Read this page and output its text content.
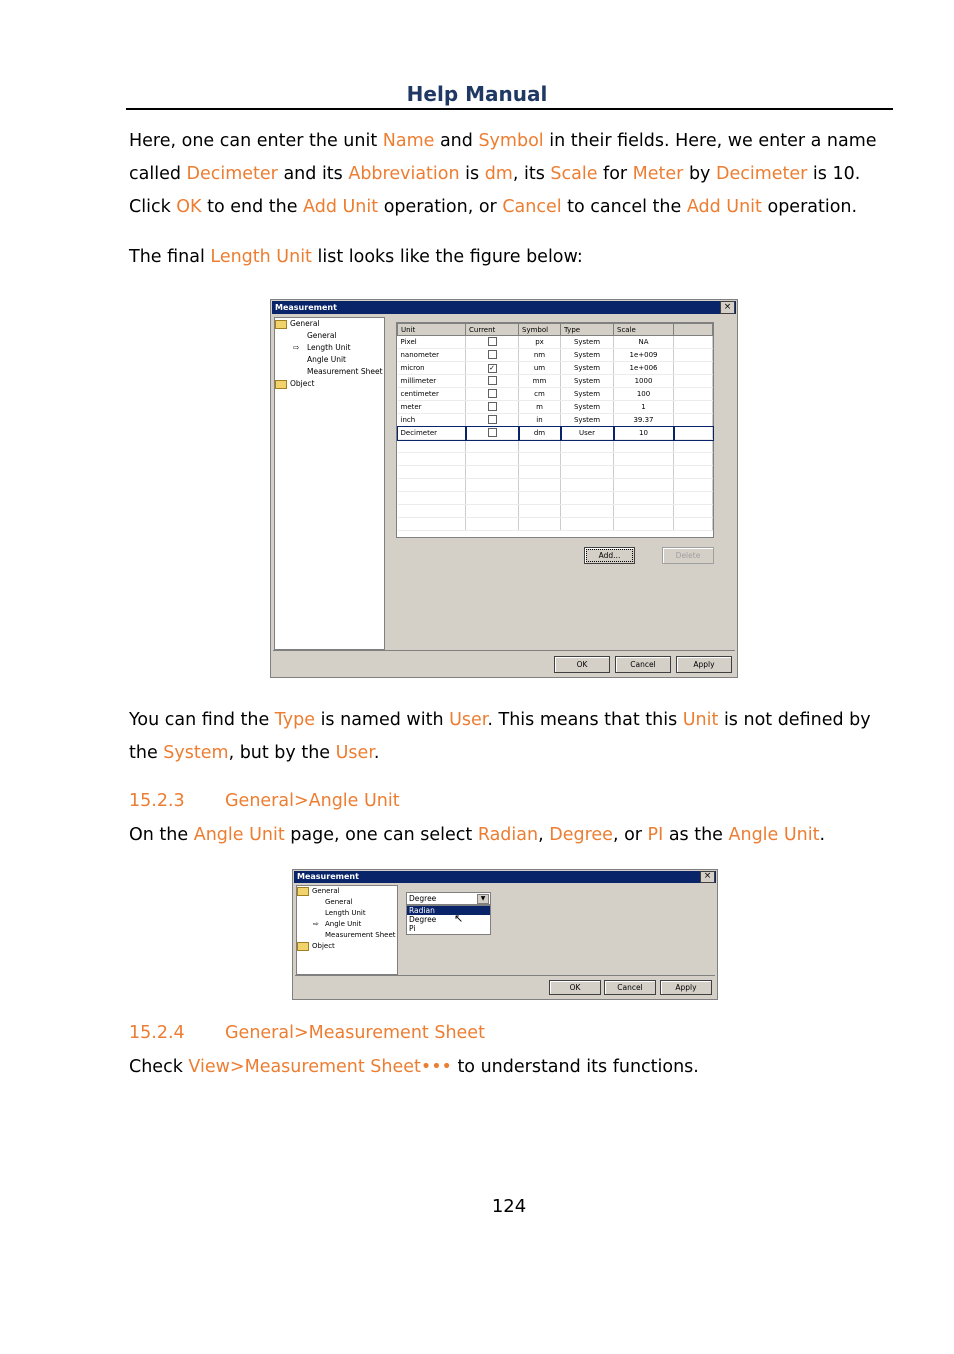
Help Manual

Here, one can enter the unit Name and Symbol in their fields. Here, we enter a name called Decimeter and its Abbreviation is dm, its Scale for Meter by Decimeter is 10. Click OK to end the Add Unit operation, or Cancel to cancel the Add Unit operation.

The final Length Unit list looks like the figure below:

Measurement	×
General
General
⇨ Length Unit
Angle Unit
Measurement Sheet
Object
Unit	Current	Symbol	Type	Scale	
Pixel		px	System	NA	
nanometer		nm	System	1e+009	
micron	✓	um	System	1e+006	
millimeter		mm	System	1000	
centimeter		cm	System	100	
meter		m	System	1	
inch		in	System	39.37	
Decimeter		dm	User	10	

Add...	Delete
OK	Cancel	Apply

You can find the Type is named with User. This means that this Unit is not defined by the System, but by the User.

15.2.3 General>Angle Unit

On the Angle Unit page, one can select Radian, Degree, or PI as the Angle Unit.

Measurement	×
General
General
Length Unit
⇨ Angle Unit
Measurement Sheet
Object
Degree	▼
Radian
Degree
Pi
↖
OK	Cancel	Apply
15.2.4 General>Measurement Sheet

Check View>Measurement Sheet••• to understand its functions.

124
